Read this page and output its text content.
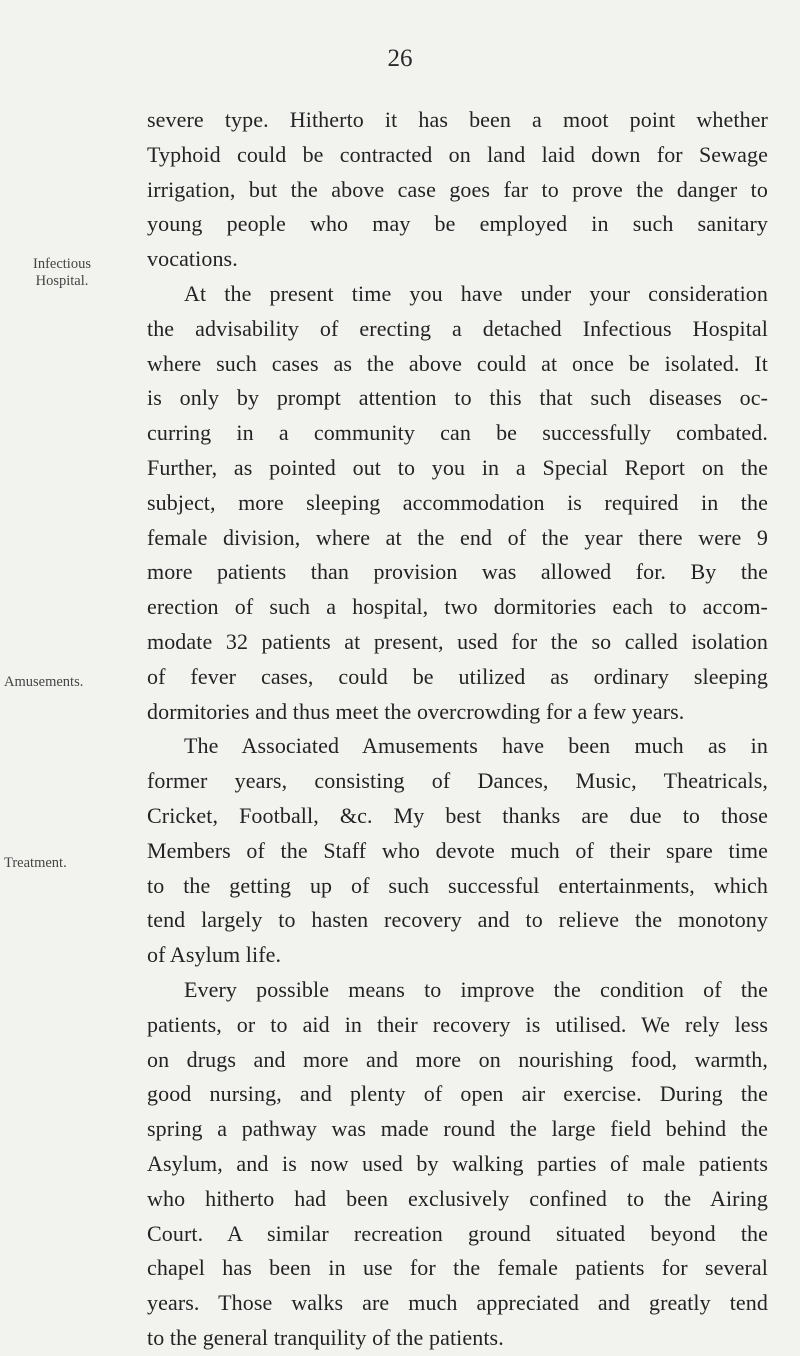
26
Infectious
Hospital.
Amusements.
Treatment.
severe type. Hitherto it has been a moot point whether
Typhoid could be contracted on land laid down for Sewage
irrigation, but the above case goes far to prove the danger to
young people who may be employed in such sanitary
vocations.
At the present time you have under your consideration
the advisability of erecting a detached Infectious Hospital
where such cases as the above could at once be isolated. It
is only by prompt attention to this that such diseases oc-
curring in a community can be successfully combated.
Further, as pointed out to you in a Special Report on the
subject, more sleeping accommodation is required in the
female division, where at the end of the year there were 9
more patients than provision was allowed for. By the
erection of such a hospital, two dormitories each to accom-
modate 32 patients at present, used for the so called isolation
of fever cases, could be utilized as ordinary sleeping
dormitories and thus meet the overcrowding for a few years.
The Associated Amusements have been much as in
former years, consisting of Dances, Music, Theatricals,
Cricket, Football, &c. My best thanks are due to those
Members of the Staff who devote much of their spare time
to the getting up of such successful entertainments, which
tend largely to hasten recovery and to relieve the monotony
of Asylum life.
Every possible means to improve the condition of the
patients, or to aid in their recovery is utilised. We rely less
on drugs and more and more on nourishing food, warmth,
good nursing, and plenty of open air exercise. During the
spring a pathway was made round the large field behind the
Asylum, and is now used by walking parties of male patients
who hitherto had been exclusively confined to the Airing
Court. A similar recreation ground situated beyond the
chapel has been in use for the female patients for several
years. Those walks are much appreciated and greatly tend
to the general tranquility of the patients.
